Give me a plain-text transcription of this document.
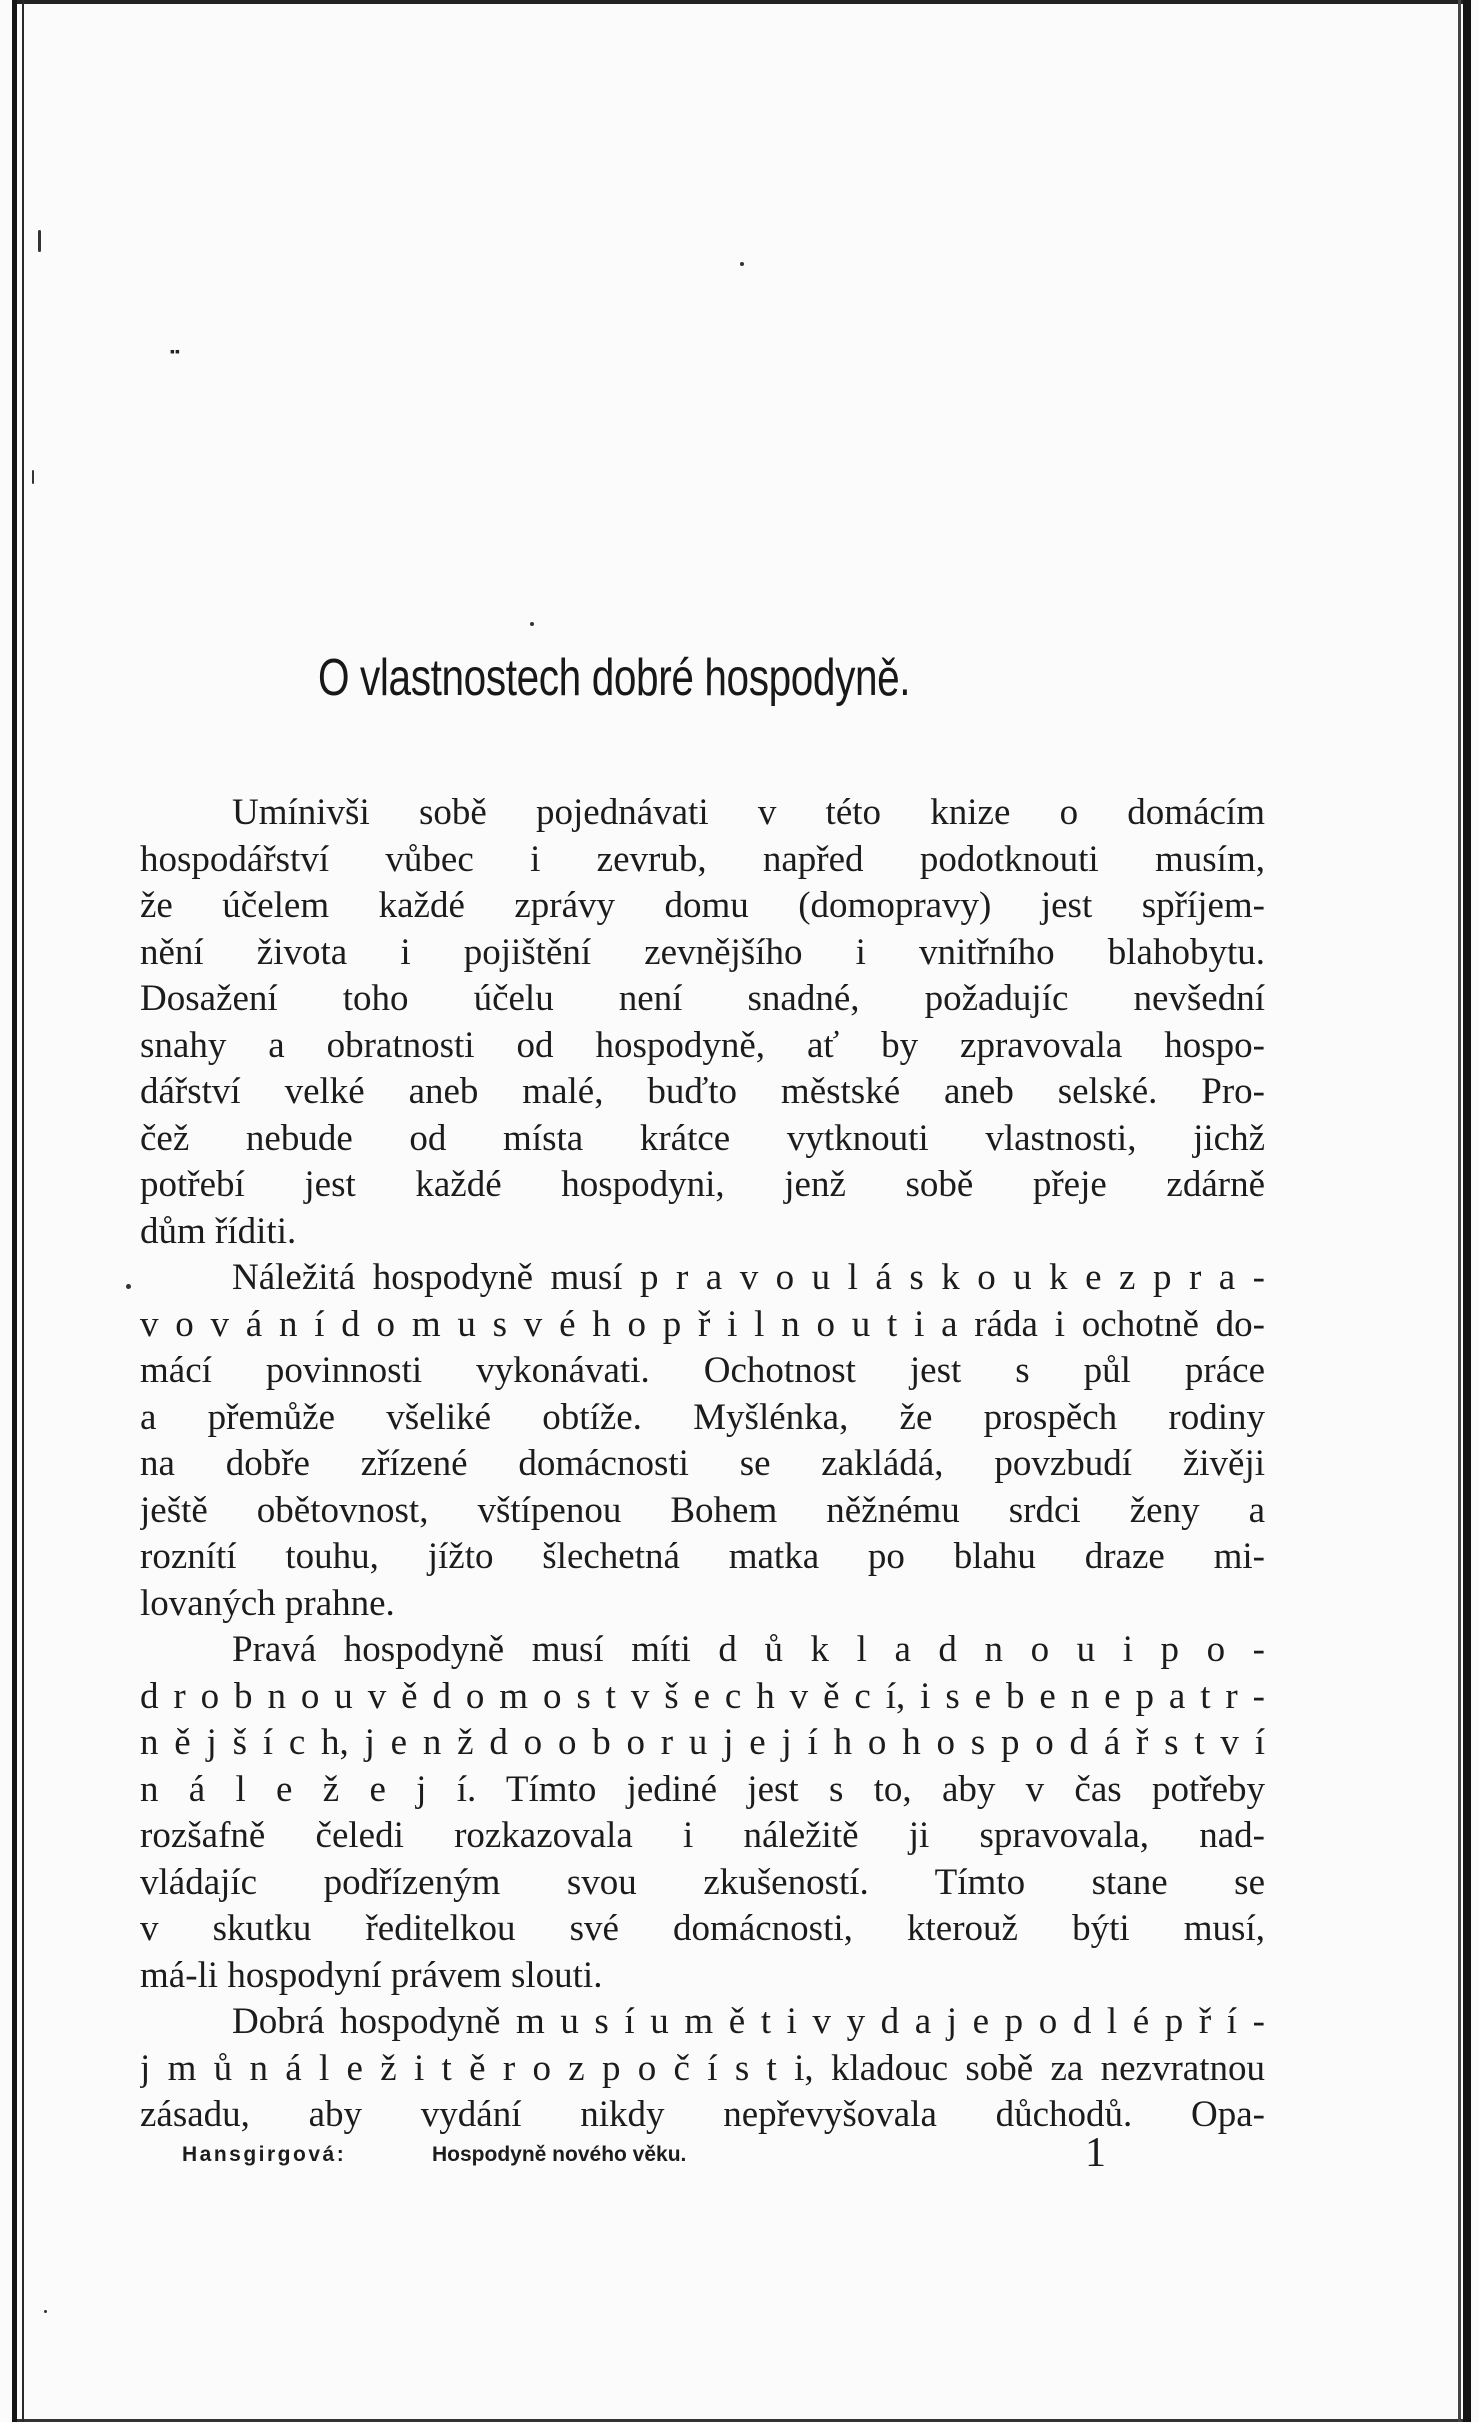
▪▪
O vlastnostech dobré hospodyně.
Umínivši sobě pojednávati v této knize o domácím
hospodářství vůbec i zevrub, napřed podotknouti musím,
že účelem každé zprávy domu (domopravy) jest spříjem-
nění života i pojištění zevnějšího i vnitřního blahobytu.
Dosažení toho účelu není snadné, požadujíc nevšední
snahy a obratnosti od hospodyně, ať by zpravovala hospo-
dářství velké aneb malé, buďto městské aneb selské. Pro-
čež nebude od místa krátce vytknouti vlastnosti, jichž
potřebí jest každé hospodyni, jenž sobě přeje zdárně
dům říditi.
Náležitá hospodyně musí p r a v o u l á s k o u k e z p r a -
v o v á n í d o m u s v é h o p ř i l n o u t i a ráda i ochotně do-
mácí povinnosti vykonávati. Ochotnost jest s půl práce
a přemůže všeliké obtíže. Myšlénka, že prospěch rodiny
na dobře zřízené domácnosti se zakládá, povzbudí živěji
ještě obětovnost, vštípenou Bohem něžnému srdci ženy a
roznítí touhu, jížto šlechetná matka po blahu draze mi-
lovaných prahne.
Pravá hospodyně musí míti d ů k l a d n o u i p o -
d r o b n o u v ě d o m o s t v š e c h v ě c í, i s e b e n e p a t r -
n ě j š í c h, j e n ž d o o b o r u j e j í h o h o s p o d á ř s t v í
n á l e ž e j í. Tímto jediné jest s to, aby v čas potřeby
rozšafně čeledi rozkazovala i náležitě ji spravovala, nad-
vládajíc podřízeným svou zkušeností. Tímto stane se
v skutku ředitelkou své domácnosti, kterouž býti musí,
má-li hospodyní právem slouti.
Dobrá hospodyně m u s í u m ě t i v y d a j e p o d l é p ř í -
j m ů n á l e ž i t ě r o z p o č í s t i, kladouc sobě za nezvratnou
zásadu, aby vydání nikdy nepřevyšovala důchodů. Opa-
Hansgirgová:	Hospodyně nového věku.	1
